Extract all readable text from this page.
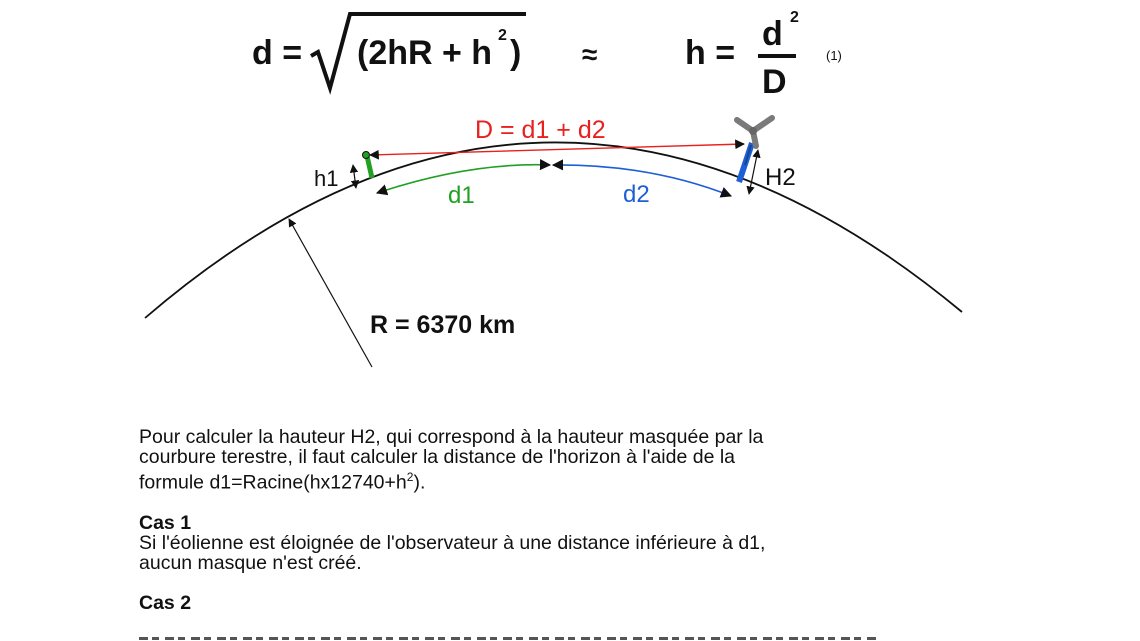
d = (2hR + h 2 ) ≈	h = d 2
D
(1)
D = d1 + d2
h1
d1	d2
H2
R = 6370 km

Pour calculer la hauteur H2, qui correspond à la hauteur masquée par la

courbure terestre, il faut calculer la distance de l'horizon à l'aide de la

formule $d1=Racine(hx12740+h^2)$.

Cas 1

Si l'éolienne est éloignée de l'observateur à une distance inférieure à d1,

aucun masque n'est créé.

Cas 2
